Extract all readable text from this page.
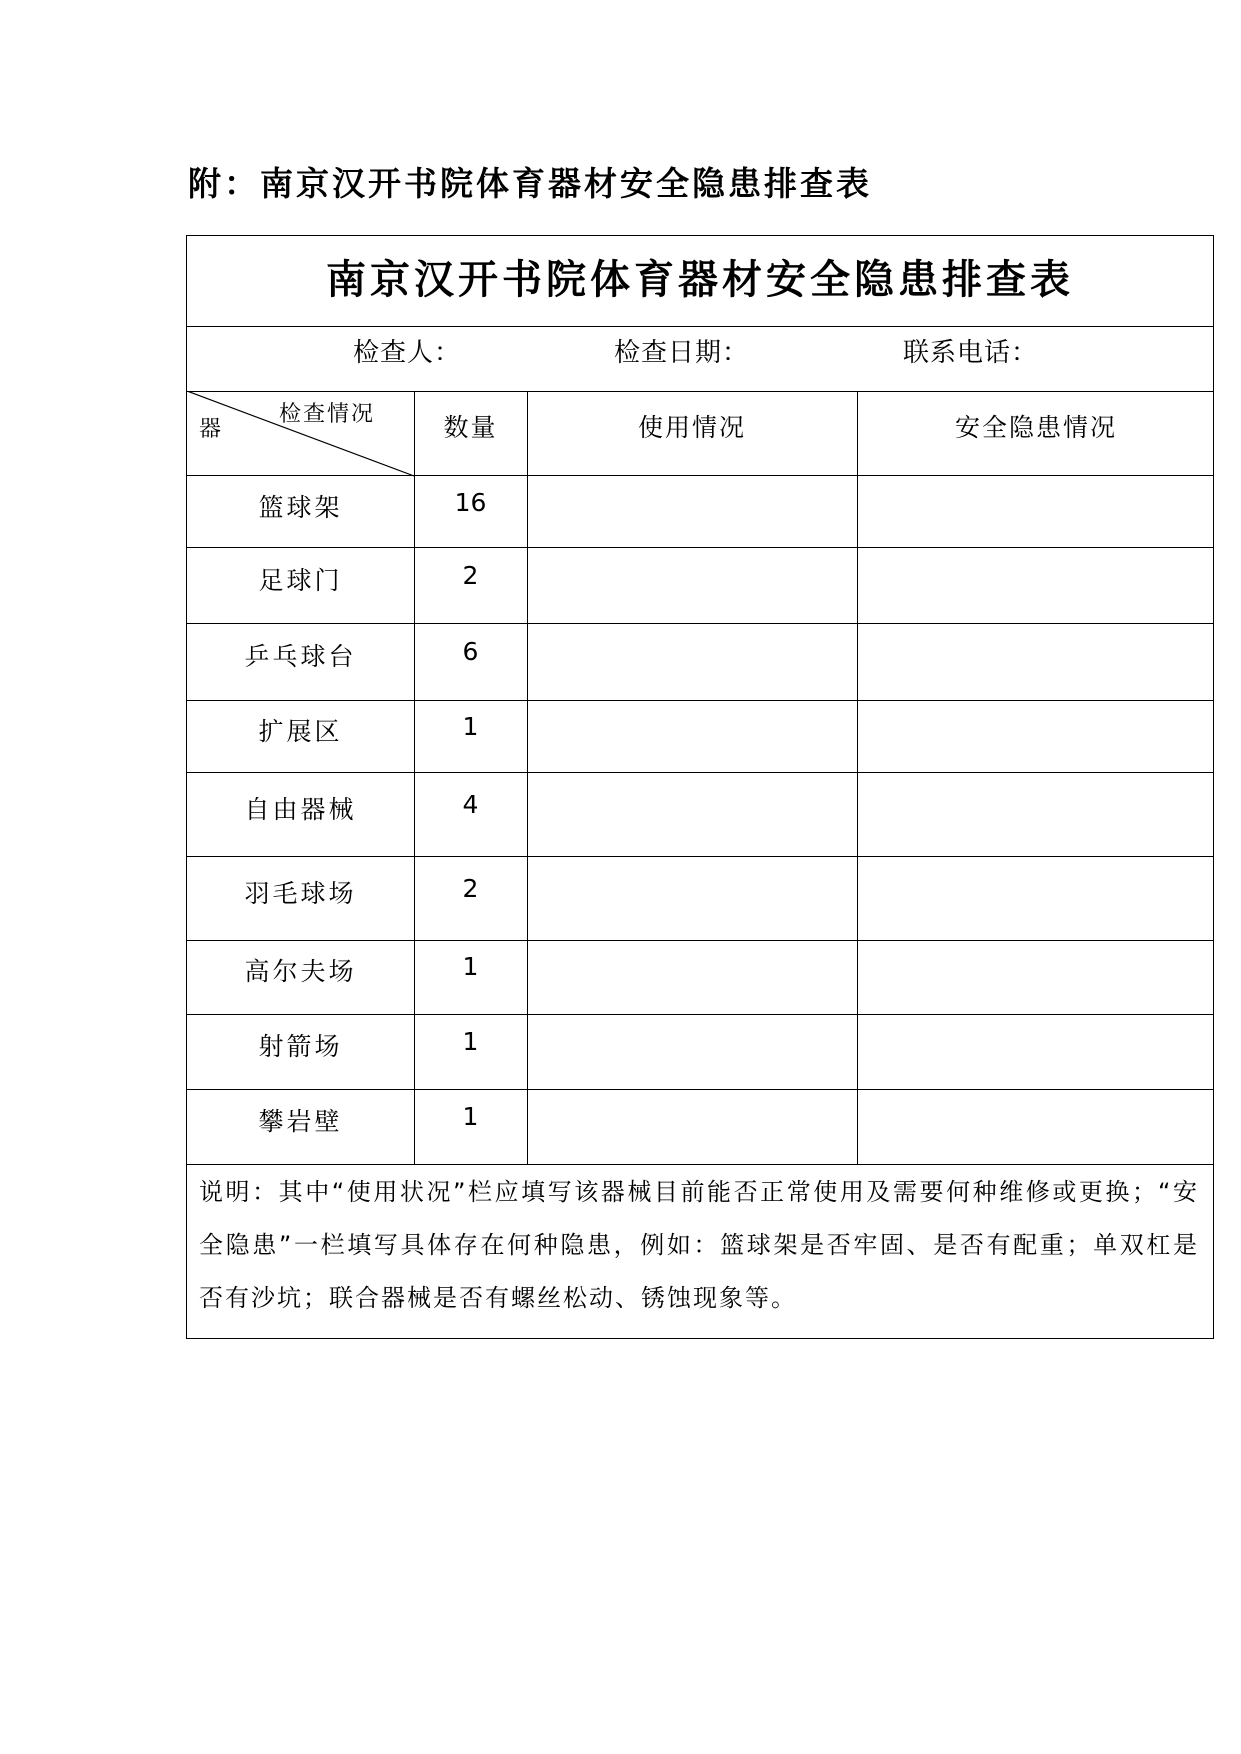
附：南京汉开书院体育器材安全隐患排查表
南京汉开书院体育器材安全隐患排查表
检查人：	检查日期：	联系电话：
检查情况
器	数量	使用情况	安全隐患情况
篮球架	16
足球门	2
乒乓球台	6
扩展区	1
自由器械	4
羽毛球场	2
高尔夫场	1
射箭场	1
攀岩壁	1
说明：其中“使用状况”栏应填写该器械目前能否正常使用及需要何种维修或更换；“安全隐患”一栏填写具体存在何种隐患，例如：篮球架是否牢固、是否有配重；单双杠是否有沙坑；联合器械是否有螺丝松动、锈蚀现象等。
